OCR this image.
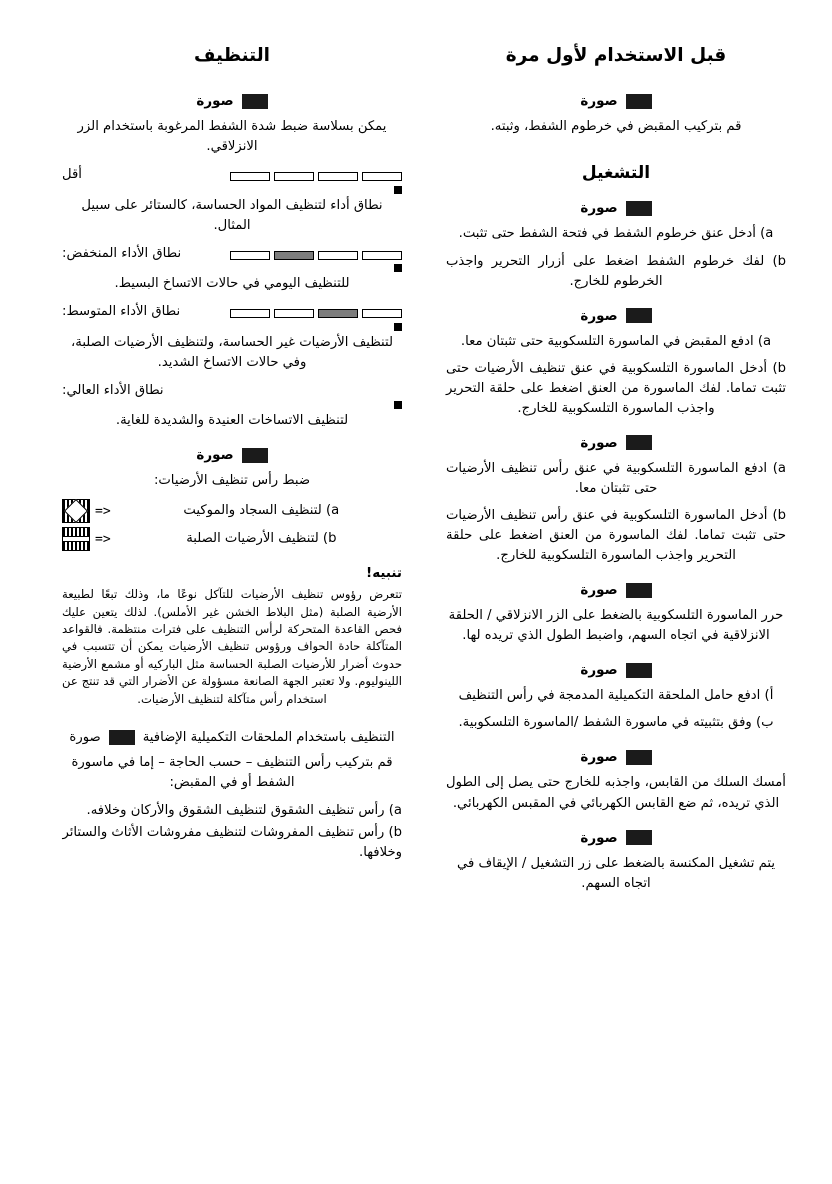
قبل الاستخدام لأول مرة
صورة

قم بتركيب المقبض في خرطوم الشفط، وثبته.

التشغيل
صورة
a) أدخل عنق خرطوم الشفط في فتحة الشفط حتى تثبت.
b) لفك خرطوم الشفط اضغط على أزرار التحرير واجذب الخرطوم للخارج.
صورة
a) ادفع المقبض في الماسورة التلسكوبية حتى تثبتان معا.
b) أدخل الماسورة التلسكوبية في عنق تنظيف الأرضيات حتى تثبت تماما. لفك الماسورة من العنق اضغط على حلقة التحرير واجذب الماسورة التلسكوبية للخارج.
صورة
a) ادفع الماسورة التلسكوبية في عنق رأس تنظيف الأرضيات حتى تثبتان معا.
b) أدخل الماسورة التلسكوبية في عنق رأس تنظيف الأرضيات حتى تثبت تماما. لفك الماسورة من العنق اضغط على حلقة التحرير واجذب الماسورة التلسكوبية للخارج.
صورة

حرر الماسورة التلسكوبية بالضغط على الزر الانزلاقي / الحلقة الانزلاقية في اتجاه السهم، واضبط الطول الذي تريده لها.

صورة
أ) ادفع حامل الملحقة التكميلية المدمجة في رأس التنظيف
ب) وفق بتثبيته في ماسورة الشفط /الماسورة التلسكوبية.
صورة

أمسك السلك من القابس، واجذبه للخارج حتى يصل إلى الطول الذي تريده، ثم ضع القابس الكهربائي في المقبس الكهربائي.

صورة

يتم تشغيل المكنسة بالضغط على زر التشغيل / الإيقاف في اتجاه السهم.

التنظيف
صورة

يمكن بسلاسة ضبط شدة الشفط المرغوبة باستخدام الزر الانزلاقي.

أقل

نطاق أداء لتنظيف المواد الحساسة، كالستائر على سبيل المثال.

نطاق الأداء المنخفض:

للتنظيف اليومي في حالات الاتساخ البسيط.

نطاق الأداء المتوسط:

لتنظيف الأرضيات غير الحساسة، ولتنظيف الأرضيات الصلبة، وفي حالات الاتساخ الشديد.

نطاق الأداء العالي:

لتنظيف الاتساخات العنيدة والشديدة للغاية.

صورة

ضبط رأس تنظيف الأرضيات:

a) لتنظيف السجاد والموكيت
<=
b) لتنظيف الأرضيات الصلبة
<=
تنبيه!

تتعرض رؤوس تنظيف الأرضيات للتآكل نوعًا ما، وذلك تبعًا لطبيعة الأرضية الصلبة (مثل البلاط الخشن غير الأملس). لذلك يتعين عليك فحص القاعدة المتحركة لرأس التنظيف على فترات منتظمة. فالقواعد المتآكلة حادة الحواف ورؤوس تنظيف الأرضيات يمكن أن تتسبب في حدوث أضرار للأرضيات الصلبة الحساسة مثل الباركيه أو مشمع الأرضية اللينوليوم. ولا تعتبر الجهة الصانعة مسؤولة عن الأضرار التي قد تنتج عن استخدام رأس متآكلة لتنظيف الأرضيات.

التنظيف باستخدام الملحقات التكميلية الإضافية
صورة

قم بتركيب رأس التنظيف – حسب الحاجة – إما في ماسورة الشفط أو في المقبض:

a) رأس تنظيف الشقوق لتنظيف الشقوق والأركان وخلافه.
b) رأس تنظيف المفروشات لتنظيف مفروشات الأثاث والستائر وخلافها.
